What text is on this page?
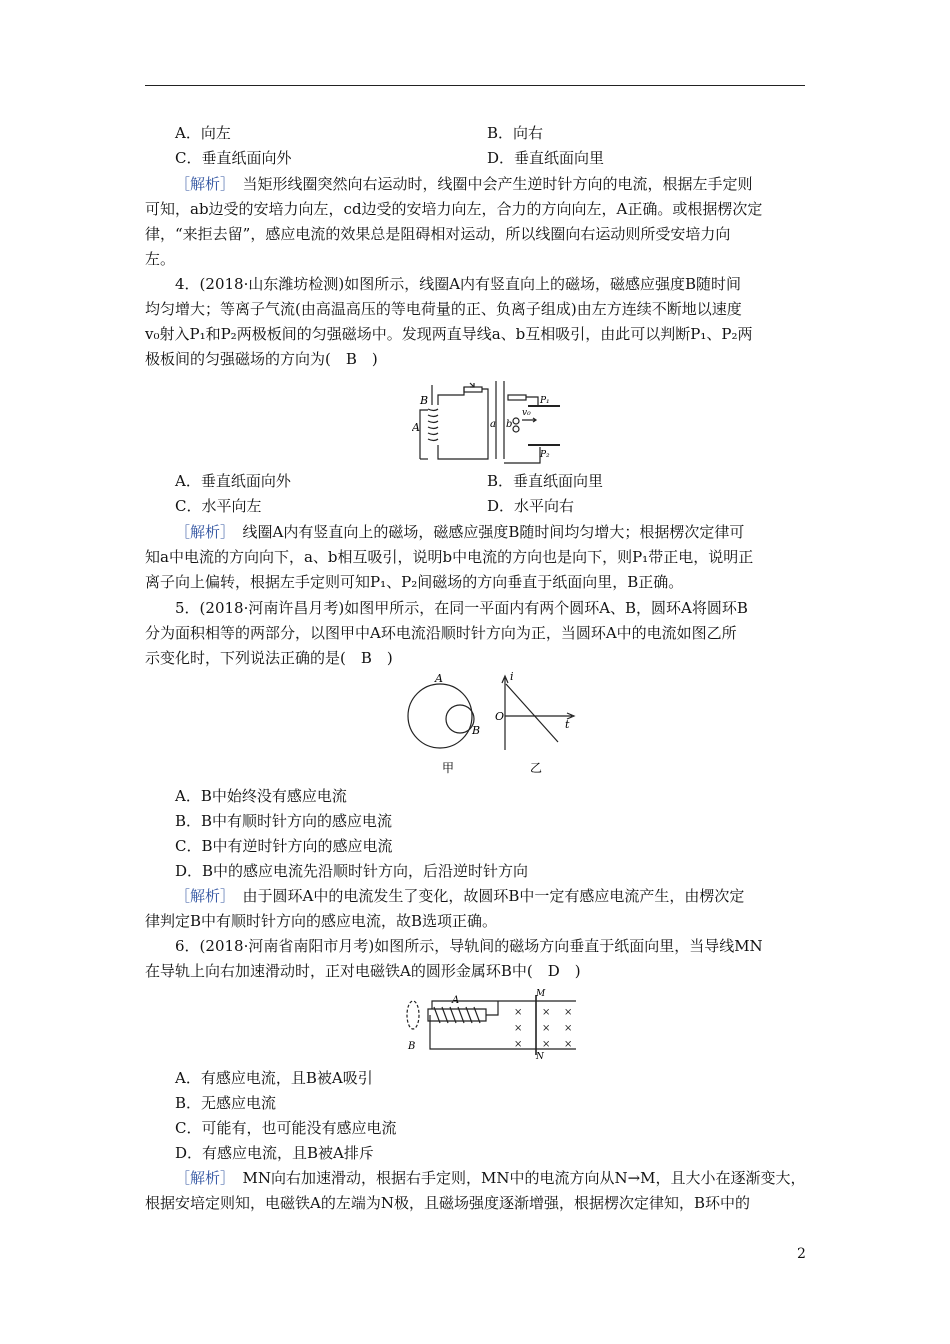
A．向左	B．向右
C．垂直纸面向外	D．垂直纸面向里
［解析］　当矩形线圈突然向右运动时，线圈中会产生逆时针方向的电流，根据左手定则
可知，ab边受的安培力向左，cd边受的安培力向左，合力的方向向左，A正确。或根据楞次定
律，“来拒去留”，感应电流的效果总是阻碍相对运动，所以线圈向右运动则所受安培力向
左。
4．(2018·山东潍坊检测)如图所示，线圈A内有竖直向上的磁场，磁感应强度B随时间
均匀增大；等离子气流(由高温高压的等电荷量的正、负离子组成)由左方连续不断地以速度
v₀射入P₁和P₂两极板间的匀强磁场中。发现两直导线a、b互相吸引，由此可以判断P₁、P₂两
极板间的匀强磁场的方向为(　B　)
B
A	a b
v₀
P₁
P₂
A．垂直纸面向外	B．垂直纸面向里
C．水平向左	D．水平向右
［解析］　线圈A内有竖直向上的磁场，磁感应强度B随时间均匀增大；根据楞次定律可
知a中电流的方向向下，a、b相互吸引，说明b中电流的方向也是向下，则P₁带正电，说明正
离子向上偏转，根据左手定则可知P₁、P₂间磁场的方向垂直于纸面向里，B正确。
5．(2018·河南许昌月考)如图甲所示，在同一平面内有两个圆环A、B，圆环A将圆环B
分为面积相等的两部分，以图甲中A环电流沿顺时针方向为正，当圆环A中的电流如图乙所
示变化时，下列说法正确的是(　B　)
A
B
i
O
t
甲	乙
A．B中始终没有感应电流
B．B中有顺时针方向的感应电流
C．B中有逆时针方向的感应电流
D．B中的感应电流先沿顺时针方向，后沿逆时针方向
［解析］　由于圆环A中的电流发生了变化，故圆环B中一定有感应电流产生，由楞次定
律判定B中有顺时针方向的感应电流，故B选项正确。
6．(2018·河南省南阳市月考)如图所示，导轨间的磁场方向垂直于纸面向里，当导线MN
在导轨上向右加速滑动时，正对电磁铁A的圆形金属环B中(　D　)
A
B
M
N
× × ×
× × ×
× × ×
A．有感应电流，且B被A吸引
B．无感应电流
C．可能有，也可能没有感应电流
D．有感应电流，且B被A排斥
［解析］　MN向右加速滑动，根据右手定则，MN中的电流方向从N→M，且大小在逐渐变大，
根据安培定则知，电磁铁A的左端为N极，且磁场强度逐渐增强，根据楞次定律知，B环中的
2
